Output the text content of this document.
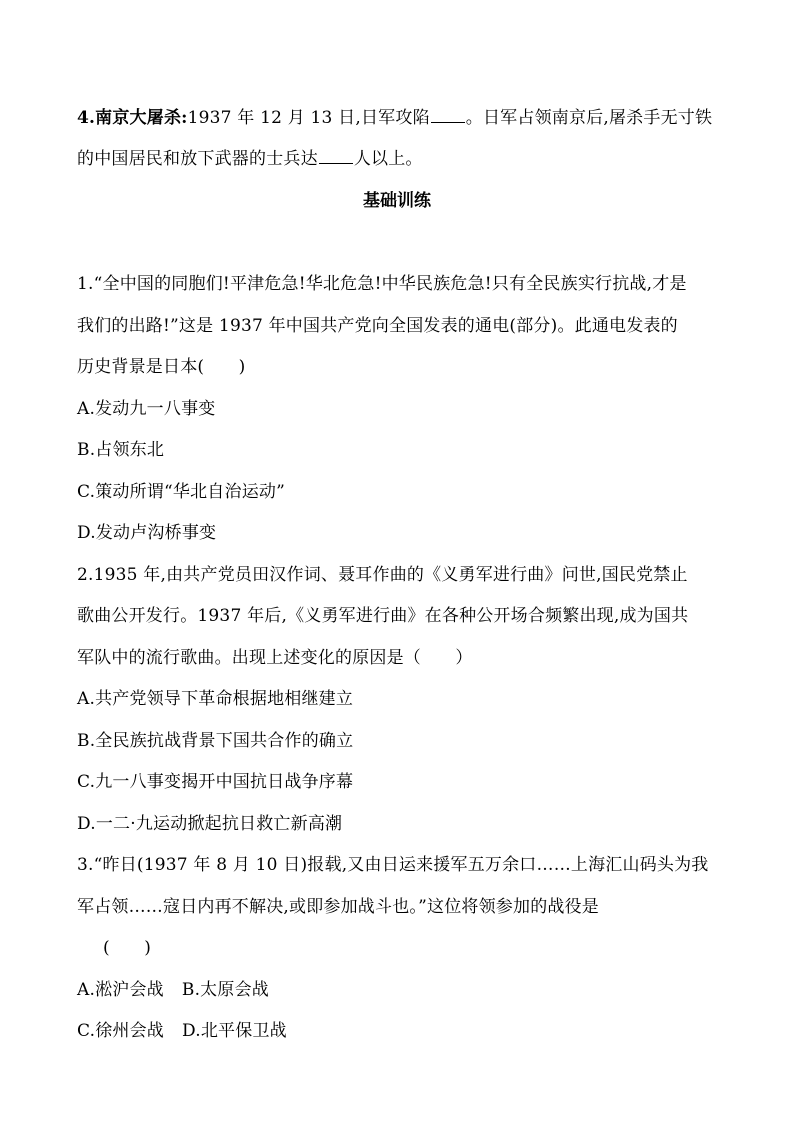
4.南京大屠杀:1937 年 12 月 13 日,日军攻陷 。日军占领南京后,屠杀手无寸铁
的中国居民和放下武器的士兵达 人以上。
基础训练
1.“全中国的同胞们!平津危急!华北危急!中华民族危急!只有全民族实行抗战,才是
我们的出路!”这是 1937 年中国共产党向全国发表的通电(部分)。此通电发表的
历史背景是日本(　　)
A.发动九一八事变
B.占领东北
C.策动所谓“华北自治运动”
D.发动卢沟桥事变
2.1935 年,由共产党员田汉作词、聂耳作曲的《义勇军进行曲》问世,国民党禁止
歌曲公开发行。1937 年后,《义勇军进行曲》在各种公开场合频繁出现,成为国共
军队中的流行歌曲。出现上述变化的原因是（　　）
A.共产党领导下革命根据地相继建立
B.全民族抗战背景下国共合作的确立
C.九一八事变揭开中国抗日战争序幕
D.一二·九运动掀起抗日救亡新高潮
3.“昨日(1937 年 8 月 10 日)报载,又由日运来援军五万余口……上海汇山码头为我
军占领……寇日内再不解决,或即参加战斗也。”这位将领参加的战役是
(　　)
A.淞沪会战 B.太原会战
C.徐州会战 D.北平保卫战
